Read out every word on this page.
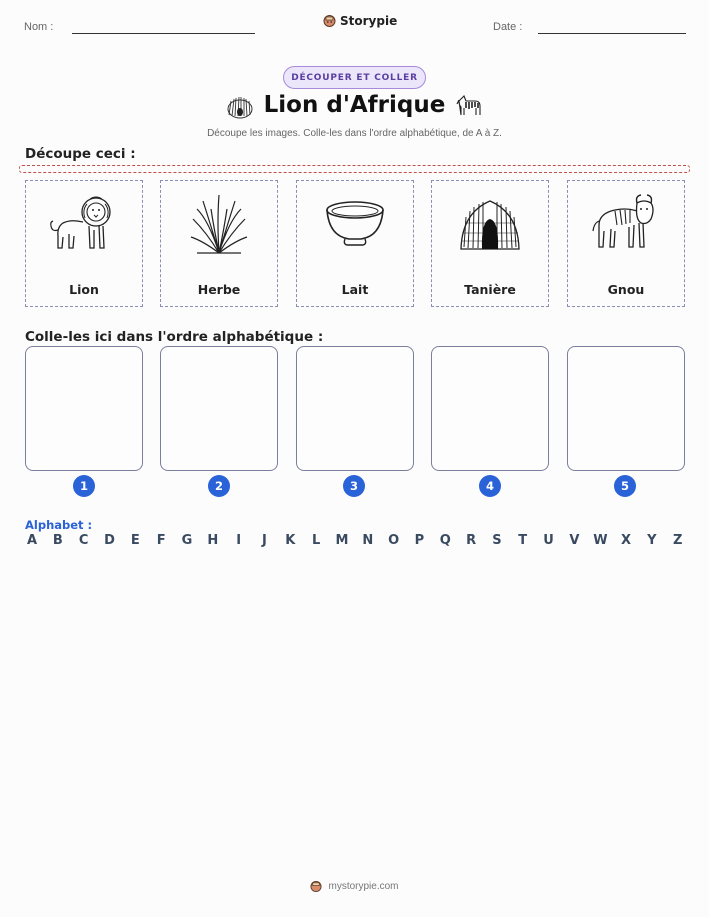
Nom :	Storypie	Date :
DÉCOUPER ET COLLER
Lion d'Afrique
Découpe les images. Colle-les dans l'ordre alphabétique, de A à Z.
Découpe ceci :
Lion	Herbe	Lait	Tanière	Gnou
Colle-les ici dans l'ordre alphabétique :
1	2	3	4	5
Alphabet :
A B C D E F G H	I	J	K L M N O P Q R S T U V W X Y Z
mystorypie.com
